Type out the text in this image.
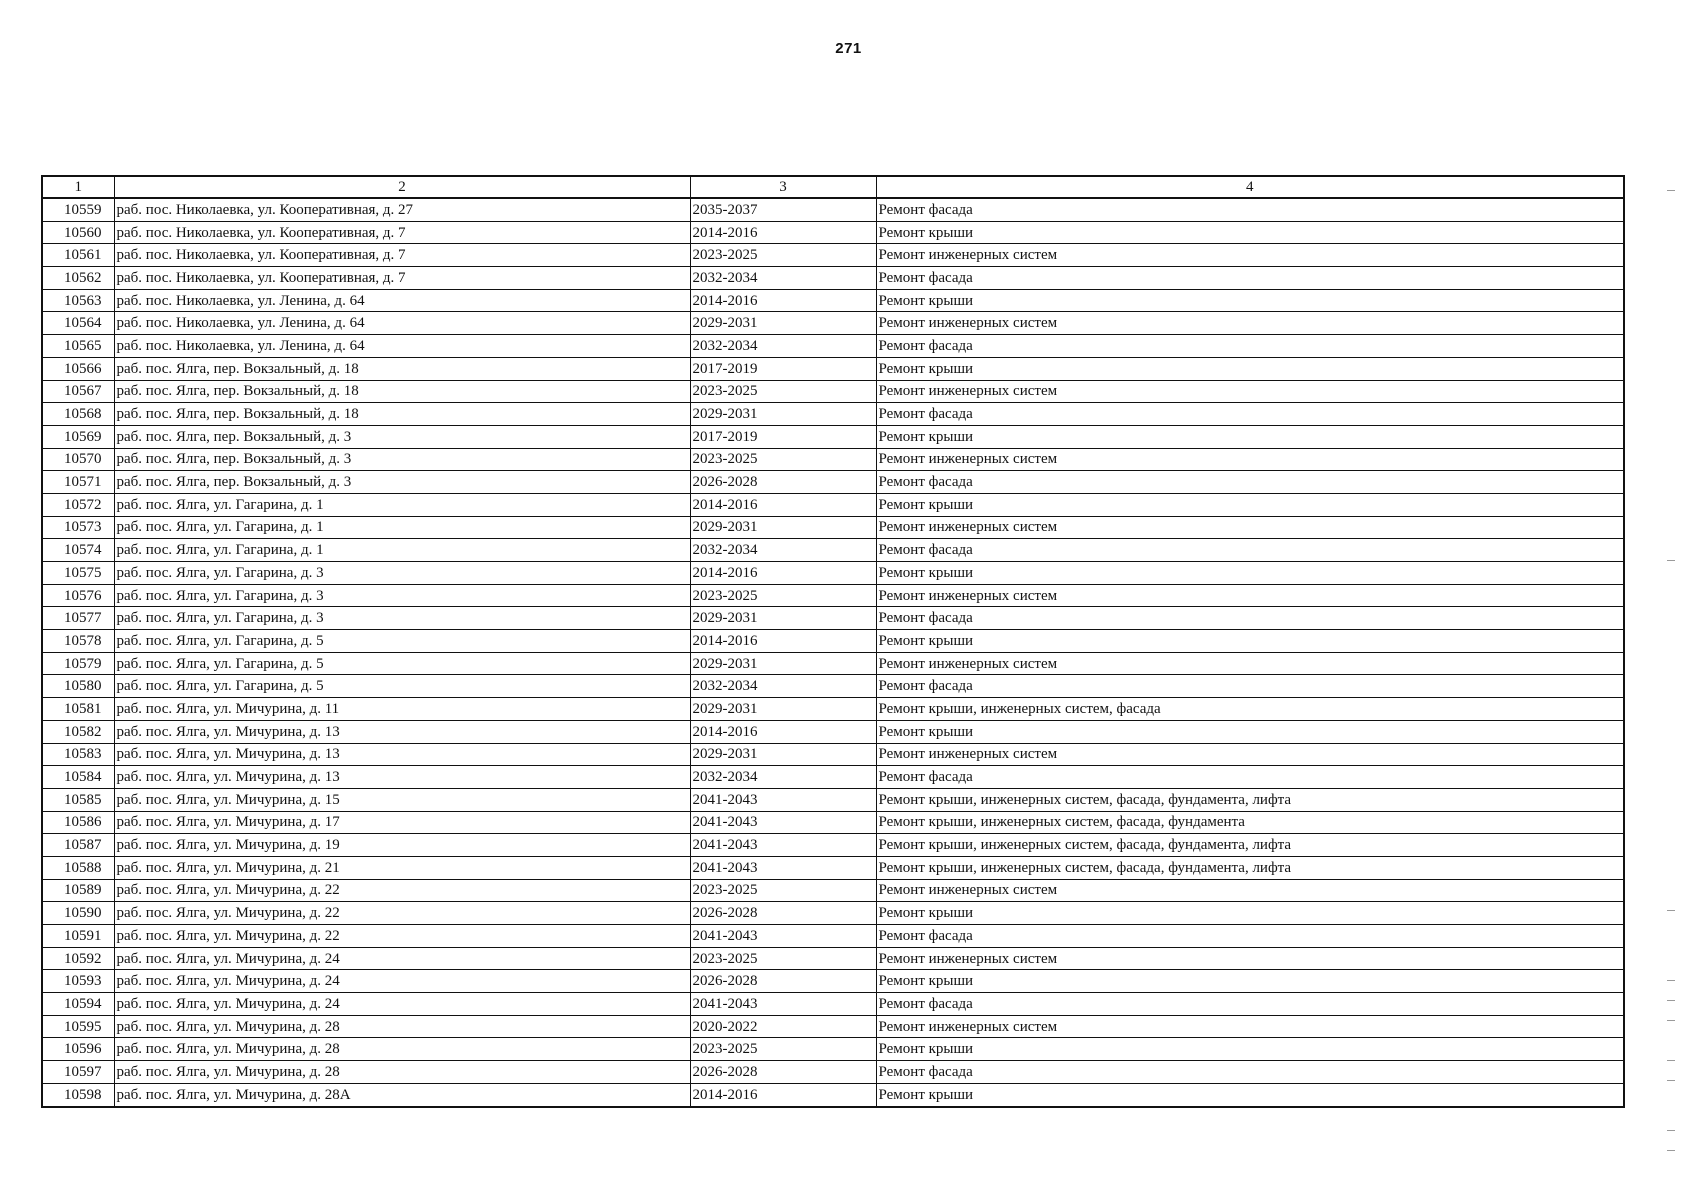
271
1	2	3	4
10559	раб. пос. Николаевка, ул. Кооперативная, д. 27	2035-2037	Ремонт фасада
10560	раб. пос. Николаевка, ул. Кооперативная, д. 7	2014-2016	Ремонт крыши
10561	раб. пос. Николаевка, ул. Кооперативная, д. 7	2023-2025	Ремонт инженерных систем
10562	раб. пос. Николаевка, ул. Кооперативная, д. 7	2032-2034	Ремонт фасада
10563	раб. пос. Николаевка, ул. Ленина, д. 64	2014-2016	Ремонт крыши
10564	раб. пос. Николаевка, ул. Ленина, д. 64	2029-2031	Ремонт инженерных систем
10565	раб. пос. Николаевка, ул. Ленина, д. 64	2032-2034	Ремонт фасада
10566	раб. пос. Ялга, пер. Вокзальный, д. 18	2017-2019	Ремонт крыши
10567	раб. пос. Ялга, пер. Вокзальный, д. 18	2023-2025	Ремонт инженерных систем
10568	раб. пос. Ялга, пер. Вокзальный, д. 18	2029-2031	Ремонт фасада
10569	раб. пос. Ялга, пер. Вокзальный, д. 3	2017-2019	Ремонт крыши
10570	раб. пос. Ялга, пер. Вокзальный, д. 3	2023-2025	Ремонт инженерных систем
10571	раб. пос. Ялга, пер. Вокзальный, д. 3	2026-2028	Ремонт фасада
10572	раб. пос. Ялга, ул. Гагарина, д. 1	2014-2016	Ремонт крыши
10573	раб. пос. Ялга, ул. Гагарина, д. 1	2029-2031	Ремонт инженерных систем
10574	раб. пос. Ялга, ул. Гагарина, д. 1	2032-2034	Ремонт фасада
10575	раб. пос. Ялга, ул. Гагарина, д. 3	2014-2016	Ремонт крыши
10576	раб. пос. Ялга, ул. Гагарина, д. 3	2023-2025	Ремонт инженерных систем
10577	раб. пос. Ялга, ул. Гагарина, д. 3	2029-2031	Ремонт фасада
10578	раб. пос. Ялга, ул. Гагарина, д. 5	2014-2016	Ремонт крыши
10579	раб. пос. Ялга, ул. Гагарина, д. 5	2029-2031	Ремонт инженерных систем
10580	раб. пос. Ялга, ул. Гагарина, д. 5	2032-2034	Ремонт фасада
10581	раб. пос. Ялга, ул. Мичурина, д. 11	2029-2031	Ремонт крыши, инженерных систем, фасада
10582	раб. пос. Ялга, ул. Мичурина, д. 13	2014-2016	Ремонт крыши
10583	раб. пос. Ялга, ул. Мичурина, д. 13	2029-2031	Ремонт инженерных систем
10584	раб. пос. Ялга, ул. Мичурина, д. 13	2032-2034	Ремонт фасада
10585	раб. пос. Ялга, ул. Мичурина, д. 15	2041-2043	Ремонт крыши, инженерных систем, фасада, фундамента, лифта
10586	раб. пос. Ялга, ул. Мичурина, д. 17	2041-2043	Ремонт крыши, инженерных систем, фасада, фундамента
10587	раб. пос. Ялга, ул. Мичурина, д. 19	2041-2043	Ремонт крыши, инженерных систем, фасада, фундамента, лифта
10588	раб. пос. Ялга, ул. Мичурина, д. 21	2041-2043	Ремонт крыши, инженерных систем, фасада, фундамента, лифта
10589	раб. пос. Ялга, ул. Мичурина, д. 22	2023-2025	Ремонт инженерных систем
10590	раб. пос. Ялга, ул. Мичурина, д. 22	2026-2028	Ремонт крыши
10591	раб. пос. Ялга, ул. Мичурина, д. 22	2041-2043	Ремонт фасада
10592	раб. пос. Ялга, ул. Мичурина, д. 24	2023-2025	Ремонт инженерных систем
10593	раб. пос. Ялга, ул. Мичурина, д. 24	2026-2028	Ремонт крыши
10594	раб. пос. Ялга, ул. Мичурина, д. 24	2041-2043	Ремонт фасада
10595	раб. пос. Ялга, ул. Мичурина, д. 28	2020-2022	Ремонт инженерных систем
10596	раб. пос. Ялга, ул. Мичурина, д. 28	2023-2025	Ремонт крыши
10597	раб. пос. Ялга, ул. Мичурина, д. 28	2026-2028	Ремонт фасада
10598	раб. пос. Ялга, ул. Мичурина, д. 28А	2014-2016	Ремонт крыши
